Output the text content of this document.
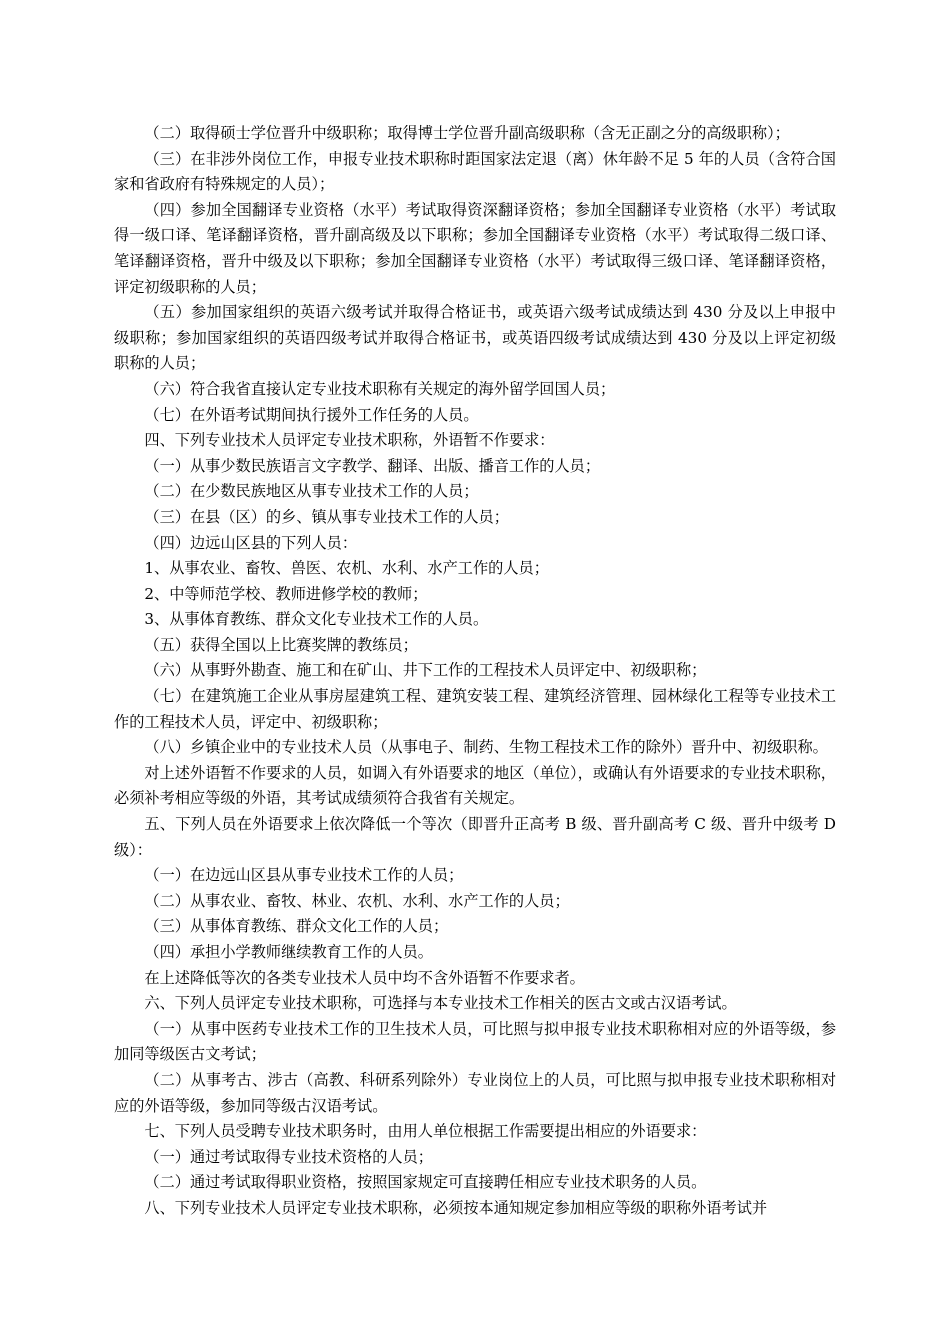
（二）取得硕士学位晋升中级职称；取得博士学位晋升副高级职称（含无正副之分的高级职称）；

（三）在非涉外岗位工作，申报专业技术职称时距国家法定退（离）休年龄不足 5 年的人员（含符合国家和省政府有特殊规定的人员）；

（四）参加全国翻译专业资格（水平）考试取得资深翻译资格；参加全国翻译专业资格（水平）考试取得一级口译、笔译翻译资格，晋升副高级及以下职称；参加全国翻译专业资格（水平）考试取得二级口译、笔译翻译资格，晋升中级及以下职称；参加全国翻译专业资格（水平）考试取得三级口译、笔译翻译资格，评定初级职称的人员；

（五）参加国家组织的英语六级考试并取得合格证书，或英语六级考试成绩达到 430 分及以上申报中级职称；参加国家组织的英语四级考试并取得合格证书，或英语四级考试成绩达到 430 分及以上评定初级职称的人员；

（六）符合我省直接认定专业技术职称有关规定的海外留学回国人员；

（七）在外语考试期间执行援外工作任务的人员。

四、下列专业技术人员评定专业技术职称，外语暂不作要求：

（一）从事少数民族语言文字教学、翻译、出版、播音工作的人员；

（二）在少数民族地区从事专业技术工作的人员；

（三）在县（区）的乡、镇从事专业技术工作的人员；

（四）边远山区县的下列人员：

1、从事农业、畜牧、兽医、农机、水利、水产工作的人员；

2、中等师范学校、教师进修学校的教师；

3、从事体育教练、群众文化专业技术工作的人员。

（五）获得全国以上比赛奖牌的教练员；

（六）从事野外勘查、施工和在矿山、井下工作的工程技术人员评定中、初级职称；

（七）在建筑施工企业从事房屋建筑工程、建筑安装工程、建筑经济管理、园林绿化工程等专业技术工作的工程技术人员，评定中、初级职称；

（八）乡镇企业中的专业技术人员（从事电子、制药、生物工程技术工作的除外）晋升中、初级职称。

对上述外语暂不作要求的人员，如调入有外语要求的地区（单位），或确认有外语要求的专业技术职称，必须补考相应等级的外语，其考试成绩须符合我省有关规定。

五、下列人员在外语要求上依次降低一个等次（即晋升正高考 B 级、晋升副高考 C 级、晋升中级考 D 级）：

（一）在边远山区县从事专业技术工作的人员；

（二）从事农业、畜牧、林业、农机、水利、水产工作的人员；

（三）从事体育教练、群众文化工作的人员；

（四）承担小学教师继续教育工作的人员。

在上述降低等次的各类专业技术人员中均不含外语暂不作要求者。

六、下列人员评定专业技术职称，可选择与本专业技术工作相关的医古文或古汉语考试。

（一）从事中医药专业技术工作的卫生技术人员，可比照与拟申报专业技术职称相对应的外语等级，参加同等级医古文考试；

（二）从事考古、涉古（高教、科研系列除外）专业岗位上的人员，可比照与拟申报专业技术职称相对应的外语等级，参加同等级古汉语考试。

七、下列人员受聘专业技术职务时，由用人单位根据工作需要提出相应的外语要求：

（一）通过考试取得专业技术资格的人员；

（二）通过考试取得职业资格，按照国家规定可直接聘任相应专业技术职务的人员。

八、下列专业技术人员评定专业技术职称，必须按本通知规定参加相应等级的职称外语考试并
